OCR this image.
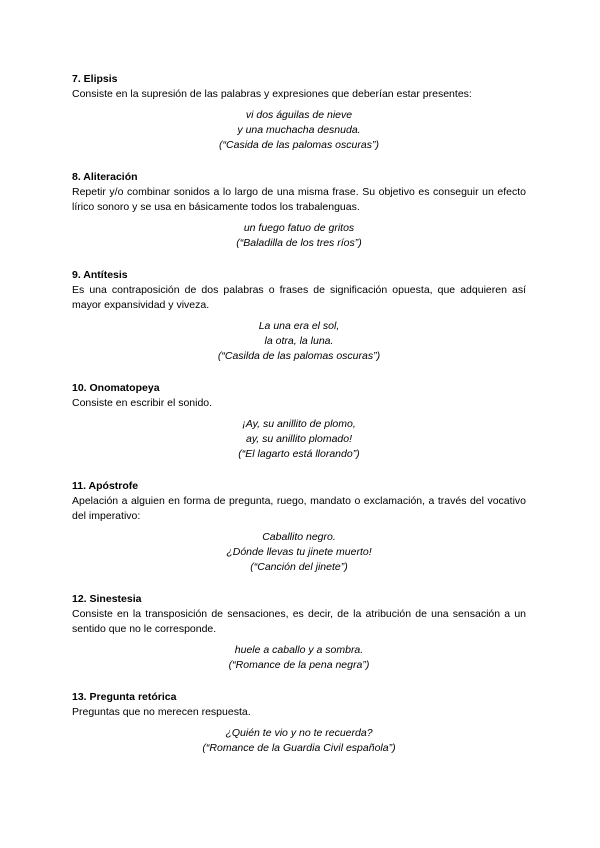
7. Elipsis

Consiste en la supresión de las palabras y expresiones que deberían estar presentes:

vi dos águilas de nieve
y una muchacha desnuda.
(“Casida de las palomas oscuras”)

8. Aliteración

Repetir y/o combinar sonidos a lo largo de una misma frase. Su objetivo es conseguir un efecto lírico sonoro y se usa en básicamente todos los trabalenguas.

un fuego fatuo de gritos
(“Baladilla de los tres ríos”)

9. Antítesis

Es una contraposición de dos palabras o frases de significación opuesta, que adquieren así mayor expansividad y viveza.

La una era el sol,
la otra, la luna.
(“Casilda de las palomas oscuras”)

10. Onomatopeya

Consiste en escribir el sonido.

¡Ay, su anillito de plomo,
ay, su anillito plomado!
(“El lagarto está llorando”)

11. Apóstrofe

Apelación a alguien en forma de pregunta, ruego, mandato o exclamación, a través del vocativo del imperativo:

Caballito negro.
¿Dónde llevas tu jinete muerto!
(“Canción del jinete”)

12. Sinestesia

Consiste en la transposición de sensaciones, es decir, de la atribución de una sensación a un sentido que no le corresponde.

huele a caballo y a sombra.
(“Romance de la pena negra”)

13. Pregunta retórica

Preguntas que no merecen respuesta.

¿Quién te vio y no te recuerda?
(“Romance de la Guardia Civil española”)
